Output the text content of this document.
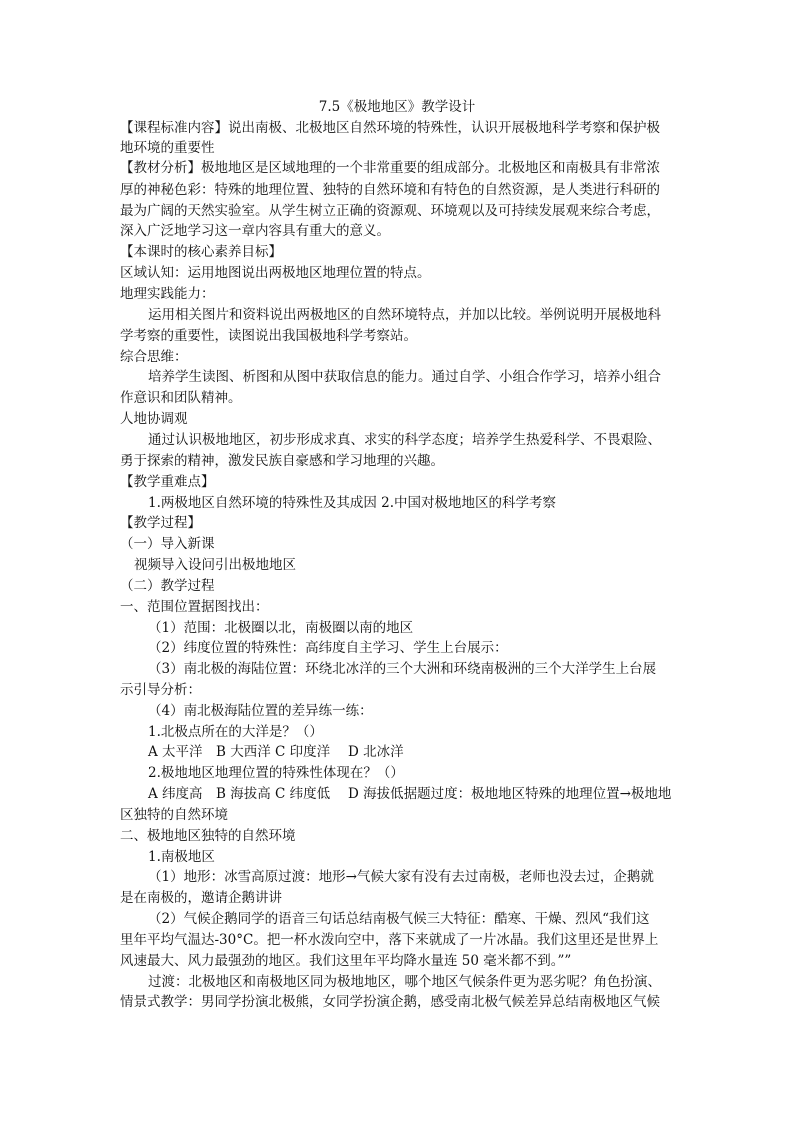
7.5《极地地区》教学设计
【课程标准内容】说出南极、北极地区自然环境的特殊性，认识开展极地科学考察和保护极
地环境的重要性
【教材分析】极地地区是区域地理的一个非常重要的组成部分。北极地区和南极具有非常浓
厚的神秘色彩：特殊的地理位置、独特的自然环境和有特色的自然资源，是人类进行科研的
最为广阔的天然实验室。从学生树立正确的资源观、环境观以及可持续发展观来综合考虑，
深入广泛地学习这一章内容具有重大的意义。
【本课时的核心素养目标】
区域认知：运用地图说出两极地区地理位置的特点。
地理实践能力：
运用相关图片和资料说出两极地区的自然环境特点，并加以比较。举例说明开展极地科
学考察的重要性，读图说出我国极地科学考察站。
综合思维：
培养学生读图、析图和从图中获取信息的能力。通过自学、小组合作学习，培养小组合
作意识和团队精神。
人地协调观
通过认识极地地区，初步形成求真、求实的科学态度；培养学生热爱科学、不畏艰险、
勇于探索的精神，激发民族自豪感和学习地理的兴趣。
【教学重难点】
1.两极地区自然环境的特殊性及其成因 2.中国对极地地区的科学考察
【教学过程】
（一）导入新课
视频导入设问引出极地地区
（二）教学过程
一、范围位置据图找出：
（1）范围：北极圈以北，南极圈以南的地区
（2）纬度位置的特殊性：高纬度自主学习、学生上台展示：
（3）南北极的海陆位置：环绕北冰洋的三个大洲和环绕南极洲的三个大洋学生上台展
示引导分析：
（4）南北极海陆位置的差异练一练：
1.北极点所在的大洋是？（）
A 太平洋　B 大西洋 C 印度洋　 D 北冰洋
2.极地地区地理位置的特殊性体现在？（）
A 纬度高　B 海拔高 C 纬度低　 D 海拔低据题过度：极地地区特殊的地理位置→极地地
区独特的自然环境
二、极地地区独特的自然环境
1.南极地区
（1）地形：冰雪高原过渡：地形→气候大家有没有去过南极，老师也没去过，企鹅就
是在南极的，邀请企鹅讲讲
（2）气候企鹅同学的语音三句话总结南极气候三大特征：酷寒、干燥、烈风“我们这
里年平均气温达-30°C。把一杯水泼向空中，落下来就成了一片冰晶。我们这里还是世界上
风速最大、风力最强劲的地区。我们这里年平均降水量连 50 毫米都不到。””
过渡：北极地区和南极地区同为极地地区，哪个地区气候条件更为恶劣呢？角色扮演、
情景式教学：男同学扮演北极熊，女同学扮演企鹅，感受南北极气候差异总结南极地区气候
